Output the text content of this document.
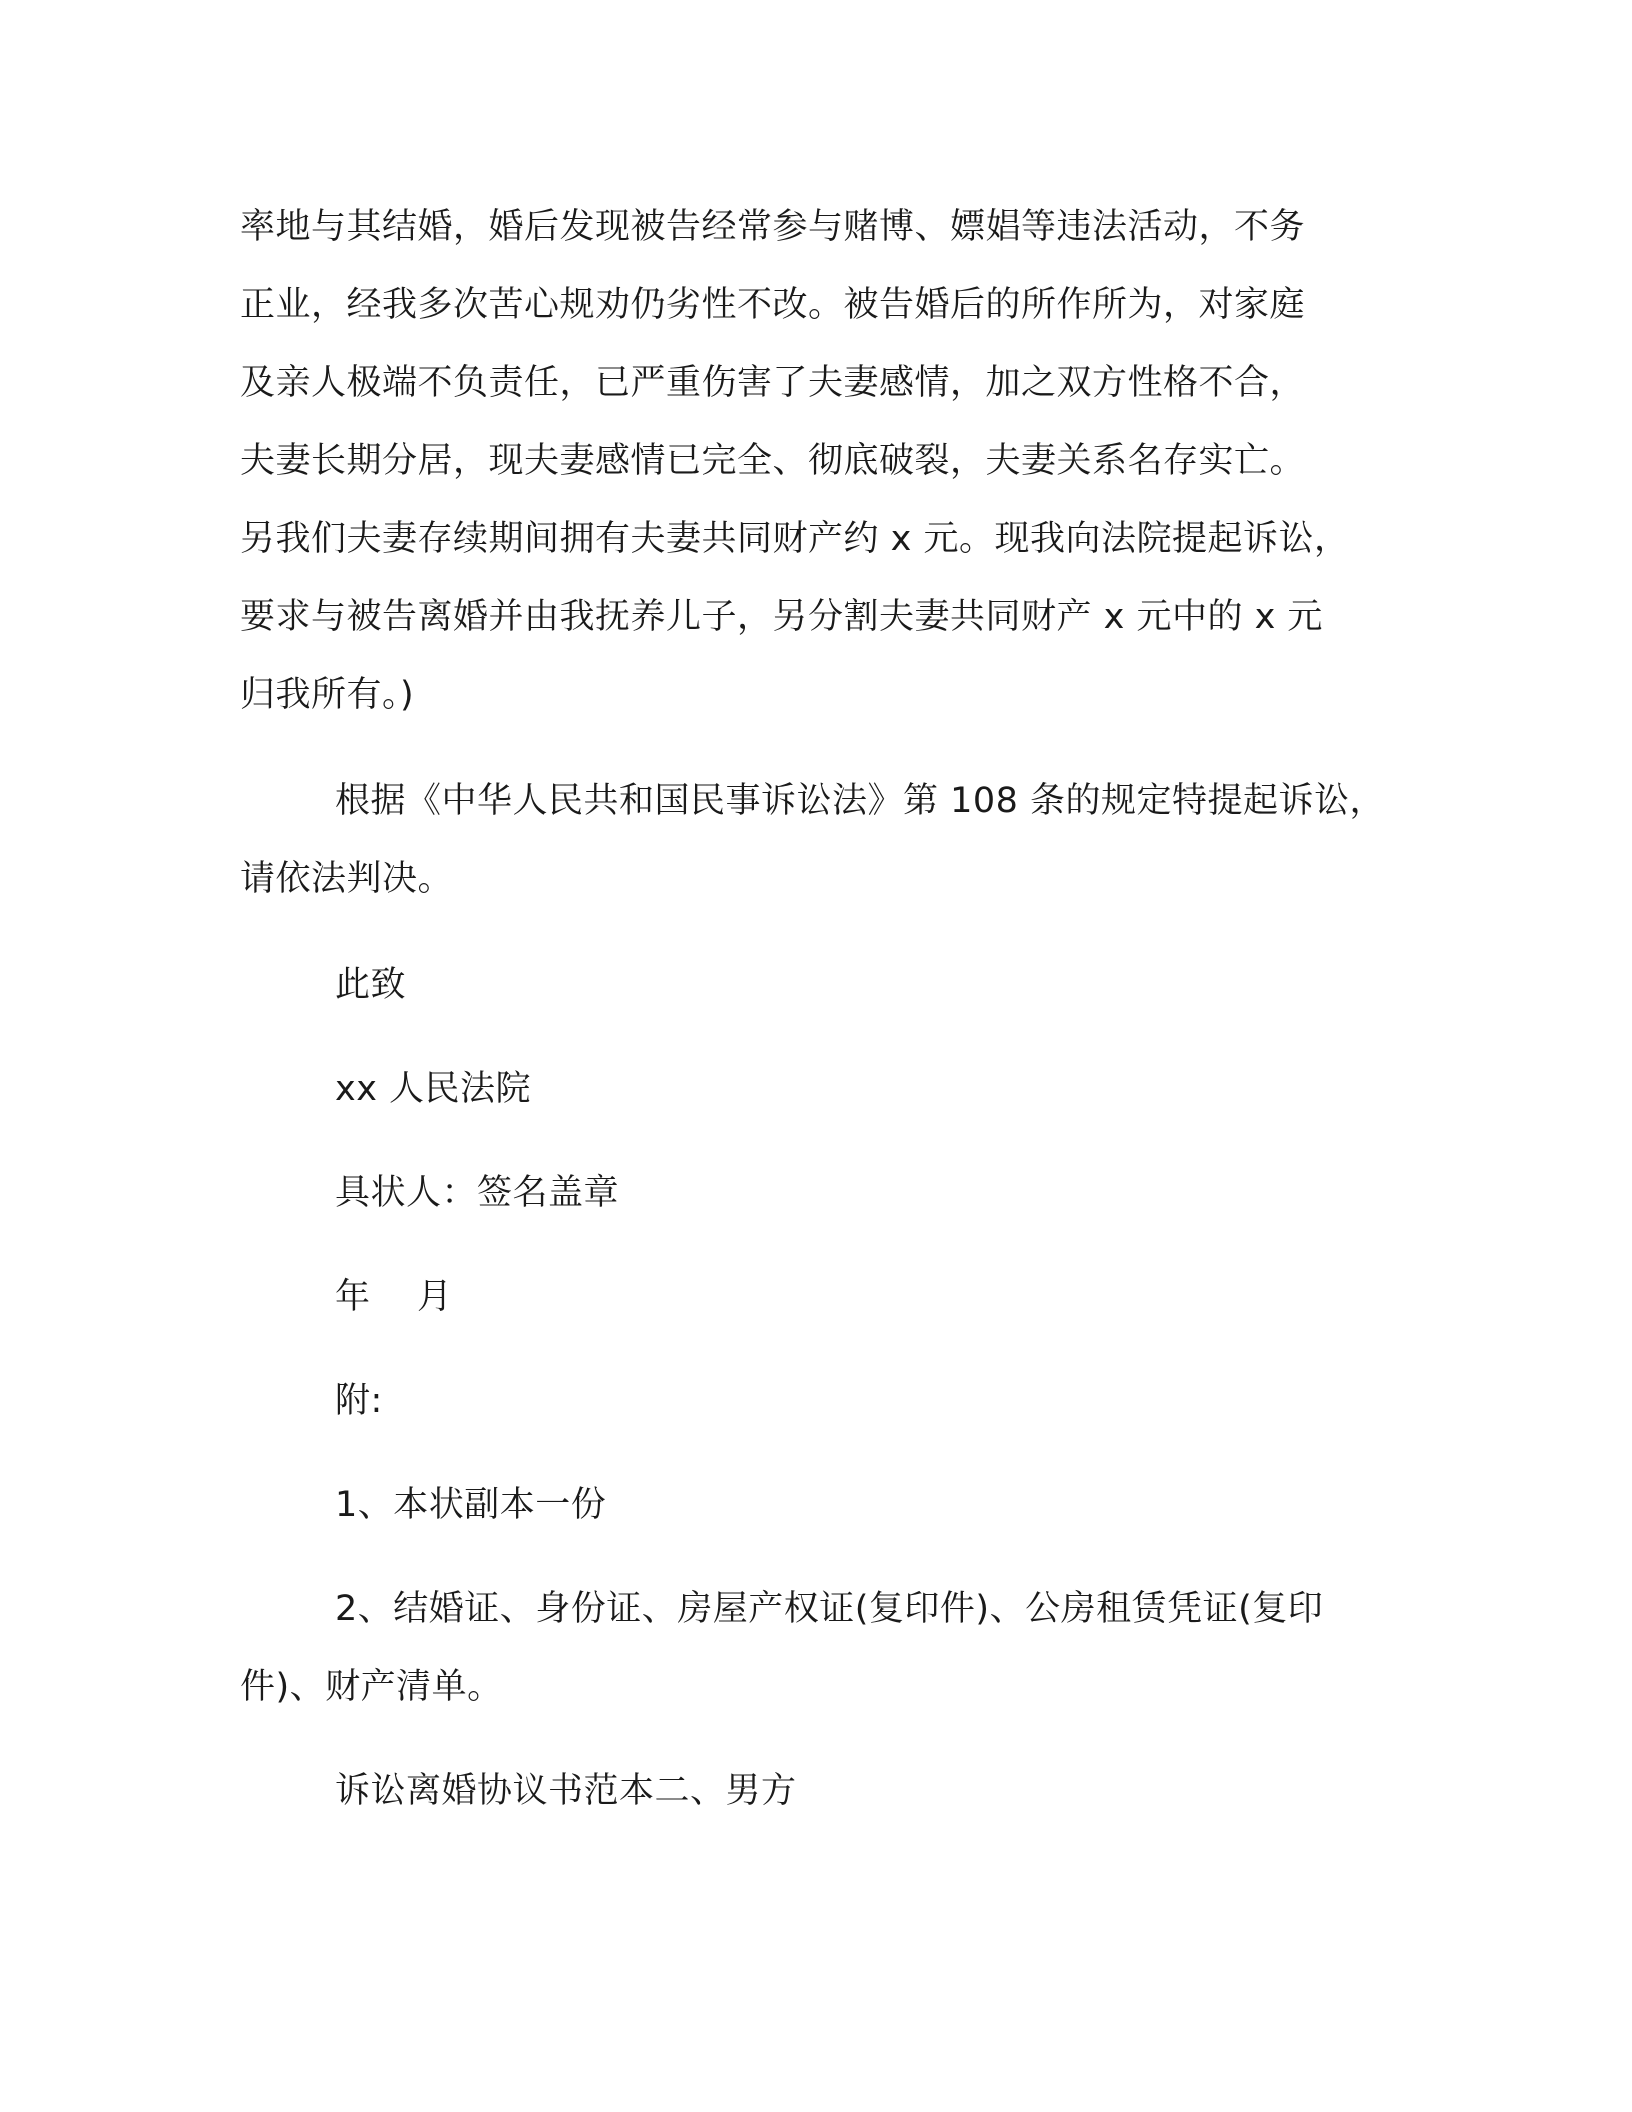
率地与其结婚，婚后发现被告经常参与赌博、嫖娼等违法活动，不务
正业，经我多次苦心规劝仍劣性不改。被告婚后的所作所为，对家庭
及亲人极端不负责任，已严重伤害了夫妻感情，加之双方性格不合，
夫妻长期分居，现夫妻感情已完全、彻底破裂，夫妻关系名存实亡。
另我们夫妻存续期间拥有夫妻共同财产约 x 元。现我向法院提起诉讼，
要求与被告离婚并由我抚养儿子，另分割夫妻共同财产 x 元中的 x 元
归我所有。)
根据《中华人民共和国民事诉讼法》第 108 条的规定特提起诉讼，
请依法判决。
此致
xx 人民法院
具状人：签名盖章
年    月
附:
1、本状副本一份
2、结婚证、身份证、房屋产权证(复印件)、公房租赁凭证(复印
件)、财产清单。
诉讼离婚协议书范本二、男方
